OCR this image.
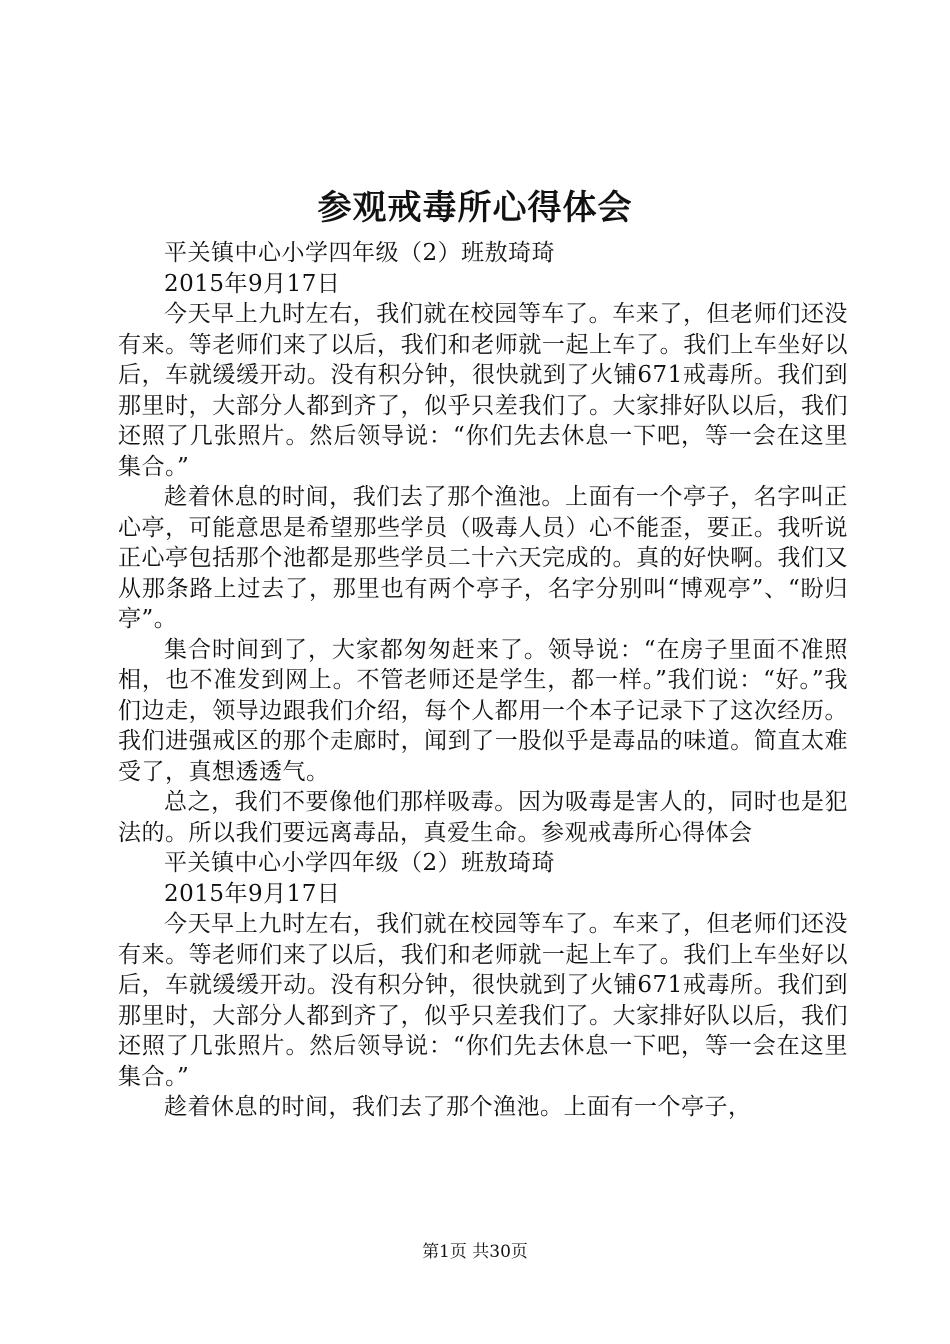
参观戒毒所心得体会

平关镇中心小学四年级（2）班敖琦琦

2015年9月17日

今天早上九时左右，我们就在校园等车了。车来了，但老师们还没有来。等老师们来了以后，我们和老师就一起上车了。我们上车坐好以后，车就缓缓开动。没有积分钟，很快就到了火铺671戒毒所。我们到那里时，大部分人都到齐了，似乎只差我们了。大家排好队以后，我们还照了几张照片。然后领导说：“你们先去休息一下吧，等一会在这里集合。”

趁着休息的时间，我们去了那个渔池。上面有一个亭子，名字叫正心亭，可能意思是希望那些学员（吸毒人员）心不能歪，要正。我听说正心亭包括那个池都是那些学员二十六天完成的。真的好快啊。我们又从那条路上过去了，那里也有两个亭子，名字分别叫“博观亭”、“盼归亭”。

集合时间到了，大家都匆匆赶来了。领导说：“在房子里面不准照相，也不准发到网上。不管老师还是学生，都一样。”我们说：“好。”我们边走，领导边跟我们介绍，每个人都用一个本子记录下了这次经历。我们进强戒区的那个走廊时，闻到了一股似乎是毒品的味道。简直太难受了，真想透透气。

总之，我们不要像他们那样吸毒。因为吸毒是害人的，同时也是犯法的。所以我们要远离毒品，真爱生命。参观戒毒所心得体会

平关镇中心小学四年级（2）班敖琦琦

2015年9月17日

今天早上九时左右，我们就在校园等车了。车来了，但老师们还没有来。等老师们来了以后，我们和老师就一起上车了。我们上车坐好以后，车就缓缓开动。没有积分钟，很快就到了火铺671戒毒所。我们到那里时，大部分人都到齐了，似乎只差我们了。大家排好队以后，我们还照了几张照片。然后领导说：“你们先去休息一下吧，等一会在这里集合。”

趁着休息的时间，我们去了那个渔池。上面有一个亭子，

第1页 共30页
